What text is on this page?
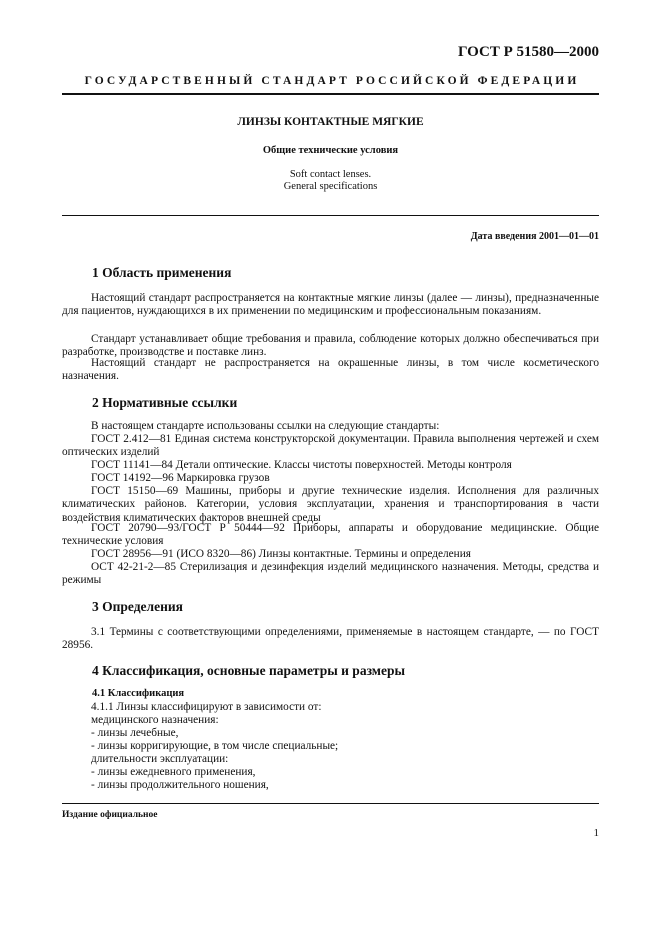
ГОСТ Р 51580—2000
ГОСУДАРСТВЕННЫЙ СТАНДАРТ РОССИЙСКОЙ ФЕДЕРАЦИИ
ЛИНЗЫ КОНТАКТНЫЕ МЯГКИЕ
Общие технические условия
Soft contact lenses.
General specifications
Дата введения 2001—01—01
1 Область применения

Настоящий стандарт распространяется на контактные мягкие линзы (далее — линзы), предназначенные для пациентов, нуждающихся в их применении по медицинским и профессиональным показаниям.

Стандарт устанавливает общие требования и правила, соблюдение которых должно обеспечиваться при разработке, производстве и поставке линз.

Настоящий стандарт не распространяется на окрашенные линзы, в том числе косметического назначения.

2 Нормативные ссылки

В настоящем стандарте использованы ссылки на следующие стандарты:

ГОСТ 2.412—81 Единая система конструкторской документации. Правила выполнения чертежей и схем оптических изделий

ГОСТ 11141—84 Детали оптические. Классы чистоты поверхностей. Методы контроля

ГОСТ 14192—96 Маркировка грузов

ГОСТ 15150—69 Машины, приборы и другие технические изделия. Исполнения для различных климатических районов. Категории, условия эксплуатации, хранения и транспортирования в части воздействия климатических факторов внешней среды

ГОСТ 20790—93/ГОСТ Р 50444—92 Приборы, аппараты и оборудование медицинские. Общие технические условия

ГОСТ 28956—91 (ИСО 8320—86) Линзы контактные. Термины и определения

ОСТ 42-21-2—85 Стерилизация и дезинфекция изделий медицинского назначения. Методы, средства и режимы

3 Определения

3.1 Термины с соответствующими определениями, применяемые в настоящем стандарте, — по ГОСТ 28956.

4 Классификация, основные параметры и размеры
4.1 Классификация

4.1.1 Линзы классифицируют в зависимости от:

медицинского назначения:

- линзы лечебные,

- линзы корригирующие, в том числе специальные;

длительности эксплуатации:

- линзы ежедневного применения,

- линзы продолжительного ношения,

Издание официальное
1
